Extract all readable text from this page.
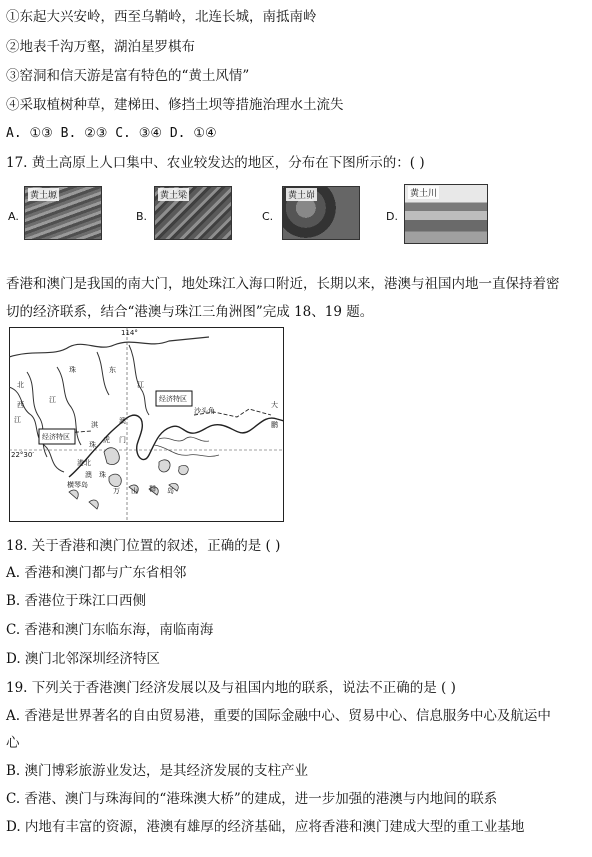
①东起大兴安岭，西至乌鞘岭，北连长城，南抵南岭
②地表千沟万壑，湖泊星罗棋布
③窑洞和信天游是富有特色的“黄土风情”
④采取植树种草，建梯田、修挡土坝等措施治理水土流失
A. ①③ B. ②③ C. ③④ D. ①④
17. 黄土高原上人口集中、农业较发达的地区，分布在下图所示的：( )
A.
黄土塬
B.
黄土梁
C.
黄土峁
D.
黄土川
香港和澳门是我国的南大门，地处珠江入海口附近，长期以来，港澳与祖国内地一直保持着密
切的经济联系，结合“港澳与珠江三角洲图”完成 18、19 题。
经济特区
经济特区
114°
22°30′
沙头角
大
鹏
珠	东
江
江
江
西
北
淇	澳
虎 门
珠
港北
澳
横琴岛
珠
万 山 群 岛
18. 关于香港和澳门位置的叙述，正确的是 ( )
A. 香港和澳门都与广东省相邻
B. 香港位于珠江口西侧
C. 香港和澳门东临东海，南临南海
D. 澳门北邻深圳经济特区
19. 下列关于香港澳门经济发展以及与祖国内地的联系，说法不正确的是 ( )
A. 香港是世界著名的自由贸易港，重要的国际金融中心、贸易中心、信息服务中心及航运中
心
B. 澳门博彩旅游业发达，是其经济发展的支柱产业
C. 香港、澳门与珠海间的“港珠澳大桥”的建成，进一步加强的港澳与内地间的联系
D. 内地有丰富的资源，港澳有雄厚的经济基础，应将香港和澳门建成大型的重工业基地
